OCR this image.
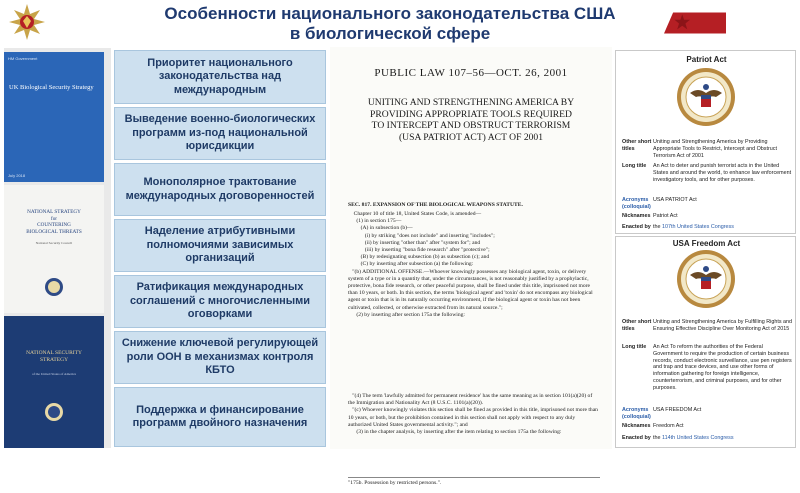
Особенности национального законодательства США
в биологической сфере
7
HM Government
UK Biological Security Strategy
July 2018
NATIONAL STRATEGY
for
COUNTERING
BIOLOGICAL THREATS
National Security Council
NATIONAL SECURITY
STRATEGY
of the United States of America
Приоритет национального законодательства над международным
Выведение военно-биологических программ из-под национальной юрисдикции
Монополярное трактование международных договоренностей
Наделение атрибутивными полномочиями зависимых организаций
Ратификация международных соглашений с многочисленными оговорками
Снижение ключевой регулирующей роли ООН в механизмах контроля КБТО
Поддержка и финансирование программ двойного назначения
PUBLIC LAW 107–56—OCT. 26, 2001
UNITING AND STRENGTHENING AMERICA BY
PROVIDING APPROPRIATE TOOLS REQUIRED
TO INTERCEPT AND OBSTRUCT TERRORISM
(USA PATRIOT ACT) ACT OF 2001
SEC. 817. EXPANSION OF THE BIOLOGICAL WEAPONS STATUTE.
Chapter 10 of title 18, United States Code, is amended—
(1) in section 175—
(A) in subsection (b)—
(i) by striking "does not include" and inserting "includes";
(ii) by inserting "other than" after "system for"; and
(iii) by inserting "bona fide research" after "protective";
(B) by redesignating subsection (b) as subsection (c); and
(C) by inserting after subsection (a) the following:
"(b) ADDITIONAL OFFENSE.—Whoever knowingly possesses any biological agent, toxin, or delivery system of a type or in a quantity that, under the circumstances, is not reasonably justified by a prophylactic, protective, bona fide research, or other peaceful purpose, shall be fined under this title, imprisoned not more than 10 years, or both. In this section, the terms 'biological agent' and 'toxin' do not encompass any biological agent or toxin that is in its naturally occurring environment, if the biological agent or toxin has not been cultivated, collected, or otherwise extracted from its natural source.";
(2) by inserting after section 175a the following:
"(4) The term 'lawfully admitted for permanent residence' has the same meaning as in section 101(a)(20) of the Immigration and Nationality Act (8 U.S.C. 1101(a)(20)).
"(c) Whoever knowingly violates this section shall be fined as provided in this title, imprisoned not more than 10 years, or both, but the prohibition contained in this section shall not apply with respect to any duly authorized United States governmental activity."; and
(3) in the chapter analysis, by inserting after the item relating to section 175a the following:
"175b. Possession by restricted persons.".
Patriot Act
Other short titles
Uniting and Strengthening America by Providing Appropriate Tools to Restrict, Intercept and Obstruct Terrorism Act of 2001
Long title	An Act to deter and punish terrorist acts in the United States and around the world, to enhance law enforcement investigatory tools, and for other purposes.
Acronyms (colloquial)
USA PATRIOT Act
Nicknames Patriot Act
Enacted by the 107th United States Congress
USA Freedom Act
Other short titles
Uniting and Strengthening America by Fulfilling Rights and Ensuring Effective Discipline Over Monitoring Act of 2015
Long title	An Act To reform the authorities of the Federal Government to require the production of certain business records, conduct electronic surveillance, use pen registers and trap and trace devices, and use other forms of information gathering for foreign intelligence, counterterrorism, and criminal purposes, and for other purposes.
Acronyms (colloquial)
USA FREEDOM Act
Nicknames Freedom Act
Enacted by the 114th United States Congress
